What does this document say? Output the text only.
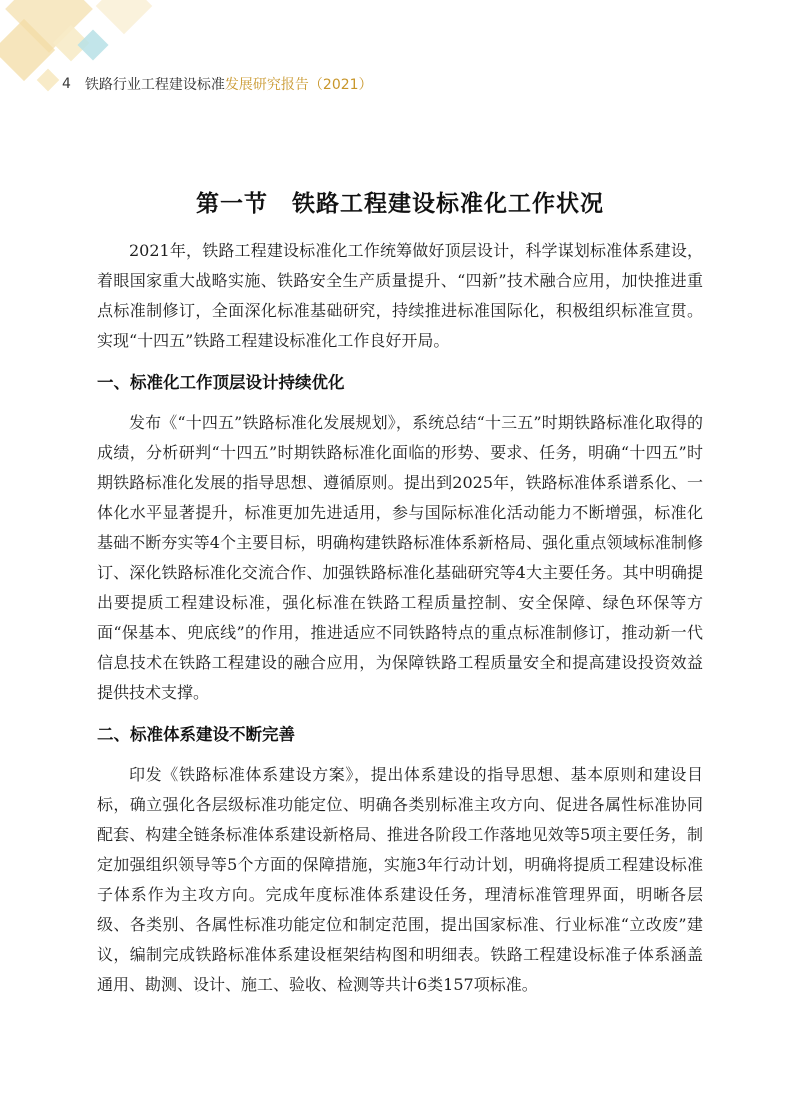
4 铁路行业工程建设标准 发展研究报告（2021）
第一节　铁路工程建设标准化工作状况

2021年，铁路工程建设标准化工作统筹做好顶层设计，科学谋划标准体系建设，着眼国家重大战略实施、铁路安全生产质量提升、“四新”技术融合应用，加快推进重点标准制修订，全面深化标准基础研究，持续推进标准国际化，积极组织标准宣贯。实现“十四五”铁路工程建设标准化工作良好开局。

一、标准化工作顶层设计持续优化

发布《“十四五”铁路标准化发展规划》，系统总结“十三五”时期铁路标准化取得的成绩，分析研判“十四五”时期铁路标准化面临的形势、要求、任务，明确“十四五”时期铁路标准化发展的指导思想、遵循原则。提出到2025年，铁路标准体系谱系化、一体化水平显著提升，标准更加先进适用，参与国际标准化活动能力不断增强，标准化基础不断夯实等4个主要目标，明确构建铁路标准体系新格局、强化重点领域标准制修订、深化铁路标准化交流合作、加强铁路标准化基础研究等4大主要任务。其中明确提出要提质工程建设标准，强化标准在铁路工程质量控制、安全保障、绿色环保等方面“保基本、兜底线”的作用，推进适应不同铁路特点的重点标准制修订，推动新一代信息技术在铁路工程建设的融合应用，为保障铁路工程质量安全和提高建设投资效益提供技术支撑。

二、标准体系建设不断完善

印发《铁路标准体系建设方案》，提出体系建设的指导思想、基本原则和建设目标，确立强化各层级标准功能定位、明确各类别标准主攻方向、促进各属性标准协同配套、构建全链条标准体系建设新格局、推进各阶段工作落地见效等5项主要任务，制定加强组织领导等5个方面的保障措施，实施3年行动计划，明确将提质工程建设标准子体系作为主攻方向。完成年度标准体系建设任务，理清标准管理界面，明晰各层级、各类别、各属性标准功能定位和制定范围，提出国家标准、行业标准“立改废”建议，编制完成铁路标准体系建设框架结构图和明细表。铁路工程建设标准子体系涵盖通用、勘测、设计、施工、验收、检测等共计6类157项标准。
